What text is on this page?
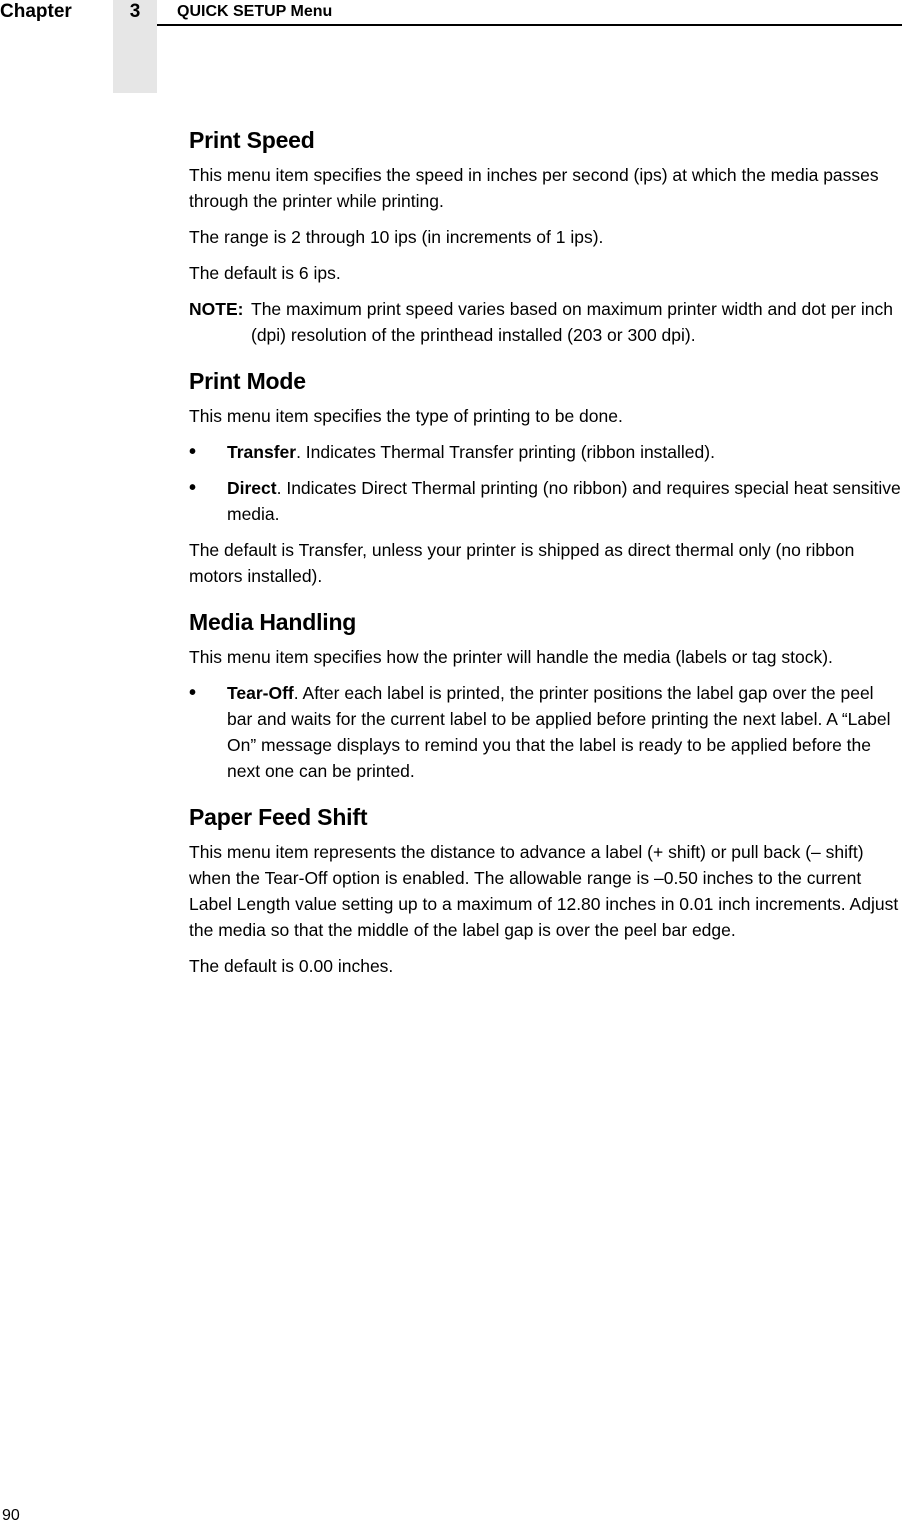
Chapter	3	QUICK SETUP Menu
Print Speed

This menu item specifies the speed in inches per second (ips) at which the media passes through the printer while printing.

The range is 2 through 10 ips (in increments of 1 ips).

The default is 6 ips.

NOTE: The maximum print speed varies based on maximum printer width and dot per inch (dpi) resolution of the printhead installed (203 or 300 dpi).
Print Mode

This menu item specifies the type of printing to be done.

•	Transfer. Indicates Thermal Transfer printing (ribbon installed).
•	Direct. Indicates Direct Thermal printing (no ribbon) and requires special heat sensitive media.

The default is Transfer, unless your printer is shipped as direct thermal only (no ribbon motors installed).

Media Handling

This menu item specifies how the printer will handle the media (labels or tag stock).

•	Tear-Off. After each label is printed, the printer positions the label gap over the peel bar and waits for the current label to be applied before printing the next label. A “Label On” message displays to remind you that the label is ready to be applied before the next one can be printed.
Paper Feed Shift

This menu item represents the distance to advance a label (+ shift) or pull back (– shift) when the Tear-Off option is enabled. The allowable range is –0.50 inches to the current Label Length value setting up to a maximum of 12.80 inches in 0.01 inch increments. Adjust the media so that the middle of the label gap is over the peel bar edge.

The default is 0.00 inches.

90
